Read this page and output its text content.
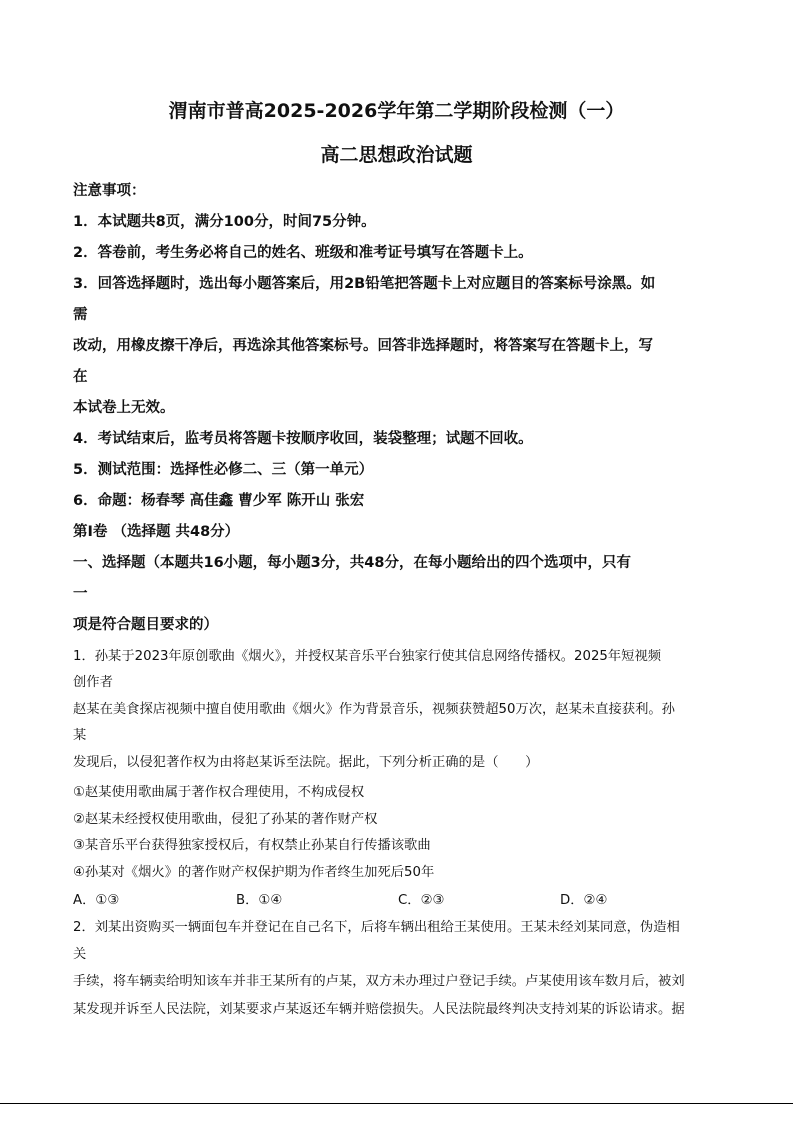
渭南市普高2025-2026学年第二学期阶段检测（一）
高二思想政治试题

注意事项：

1．本试题共8页，满分100分，时间75分钟。

2．答卷前，考生务必将自己的姓名、班级和准考证号填写在答题卡上。

3．回答选择题时，选出每小题答案后，用2B铅笔把答题卡上对应题目的答案标号涂黑。如

需

改动，用橡皮擦干净后，再选涂其他答案标号。回答非选择题时，将答案写在答题卡上，写

在

本试卷上无效。

4．考试结束后，监考员将答题卡按顺序收回，装袋整理；试题不回收。

5．测试范围：选择性必修二、三（第一单元）

6．命题：杨春琴 高佳鑫 曹少军 陈开山 张宏

第Ⅰ卷 （选择题 共48分）

一、选择题（本题共16小题，每小题3分，共48分，在每小题给出的四个选项中，只有

一

项是符合题目要求的）

1．孙某于2023年原创歌曲《烟火》，并授权某音乐平台独家行使其信息网络传播权。2025年短视频

创作者

赵某在美食探店视频中擅自使用歌曲《烟火》作为背景音乐，视频获赞超50万次，赵某未直接获利。孙

某

发现后，以侵犯著作权为由将赵某诉至法院。据此，下列分析正确的是（　　）

①赵某使用歌曲属于著作权合理使用，不构成侵权

②赵某未经授权使用歌曲，侵犯了孙某的著作财产权

③某音乐平台获得独家授权后，有权禁止孙某自行传播该歌曲

④孙某对《烟火》的著作财产权保护期为作者终生加死后50年

A．①③	B．①④	C．②③	D．②④

2．刘某出资购买一辆面包车并登记在自己名下，后将车辆出租给王某使用。王某未经刘某同意，伪造相

关

手续，将车辆卖给明知该车并非王某所有的卢某，双方未办理过户登记手续。卢某使用该车数月后，被刘

某发现并诉至人民法院，刘某要求卢某返还车辆并赔偿损失。人民法院最终判决支持刘某的诉讼请求。据
